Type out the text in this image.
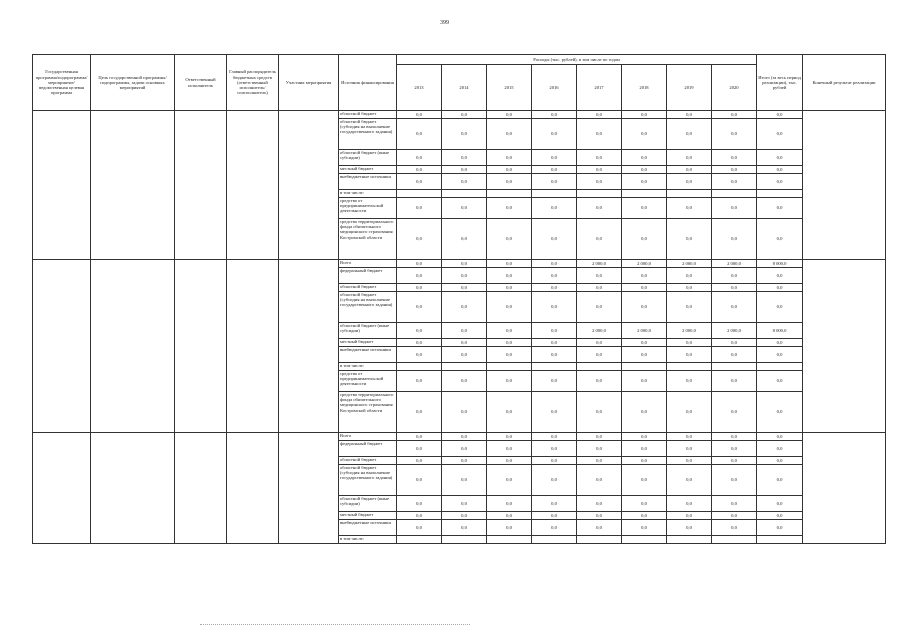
399
Государственная программа/подпрограмма/мероприятие/ведомственная целевая программа	Цель государственной программы/подпрограммы, задачи основных мероприятий	Ответственный исполнитель	Главный распорядитель бюджетных средств (ответственный исполнитель/соисполнитель)	Участник мероприятия	Источник финансирования	Расходы (тыс. рублей), в том числе по годам								Итого (за весь период реализации), тыс. рублей	Конечный результат реализации
						2013	2014	2015	2016	2017	2018	2019	2020		
					областной бюджет	0,0	0,0	0,0	0,0	0,0	0,0	0,0	0,0	0,0	
					областной бюджет (субсидия на выполнение государственного задания)	0,0	0,0	0,0	0,0	0,0	0,0	0,0	0,0	0,0	
					областной бюджет (иные субсидии)	0,0	0,0	0,0	0,0	0,0	0,0	0,0	0,0	0,0	
					местный бюджет	0,0	0,0	0,0	0,0	0,0	0,0	0,0	0,0	0,0	
					внебюджетные источники	0,0	0,0	0,0	0,0	0,0	0,0	0,0	0,0	0,0	
					в том числе:										
					средства от предпринимательской деятельности	0,0	0,0	0,0	0,0	0,0	0,0	0,0	0,0	0,0	
					средства территориального фонда обязательного медицинского страхования Костромской области	0,0	0,0	0,0	0,0	0,0	0,0	0,0	0,0	0,0	
					Всего	0,0	0,0	0,0	0,0	2 000,0	2 000,0	2 000,0	2 000,0	8 000,0	
					федеральный бюджет	0,0	0,0	0,0	0,0	0,0	0,0	0,0	0,0	0,0	
					областной бюджет	0,0	0,0	0,0	0,0	0,0	0,0	0,0	0,0	0,0	
					областной бюджет (субсидия на выполнение государственного задания)	0,0	0,0	0,0	0,0	0,0	0,0	0,0	0,0	0,0	
					областной бюджет (иные субсидии)	0,0	0,0	0,0	0,0	2 000,0	2 000,0	2 000,0	2 000,0	8 000,0	
					местный бюджет	0,0	0,0	0,0	0,0	0,0	0,0	0,0	0,0	0,0	
					внебюджетные источники	0,0	0,0	0,0	0,0	0,0	0,0	0,0	0,0	0,0	
					в том числе:										
					средства от предпринимательской деятельности	0,0	0,0	0,0	0,0	0,0	0,0	0,0	0,0	0,0	
					средства территориального фонда обязательного медицинского страхования Костромской области	0,0	0,0	0,0	0,0	0,0	0,0	0,0	0,0	0,0	
					Всего	0,0	0,0	0,0	0,0	0,0	0,0	0,0	0,0	0,0	
					федеральный бюджет	0,0	0,0	0,0	0,0	0,0	0,0	0,0	0,0	0,0	
					областной бюджет	0,0	0,0	0,0	0,0	0,0	0,0	0,0	0,0	0,0	
					областной бюджет (субсидия на выполнение государственного задания)	0,0	0,0	0,0	0,0	0,0	0,0	0,0	0,0	0,0	
					областной бюджет (иные субсидии)	0,0	0,0	0,0	0,0	0,0	0,0	0,0	0,0	0,0	
					местный бюджет	0,0	0,0	0,0	0,0	0,0	0,0	0,0	0,0	0,0	
					внебюджетные источники	0,0	0,0	0,0	0,0	0,0	0,0	0,0	0,0	0,0	
					в том числе:										
